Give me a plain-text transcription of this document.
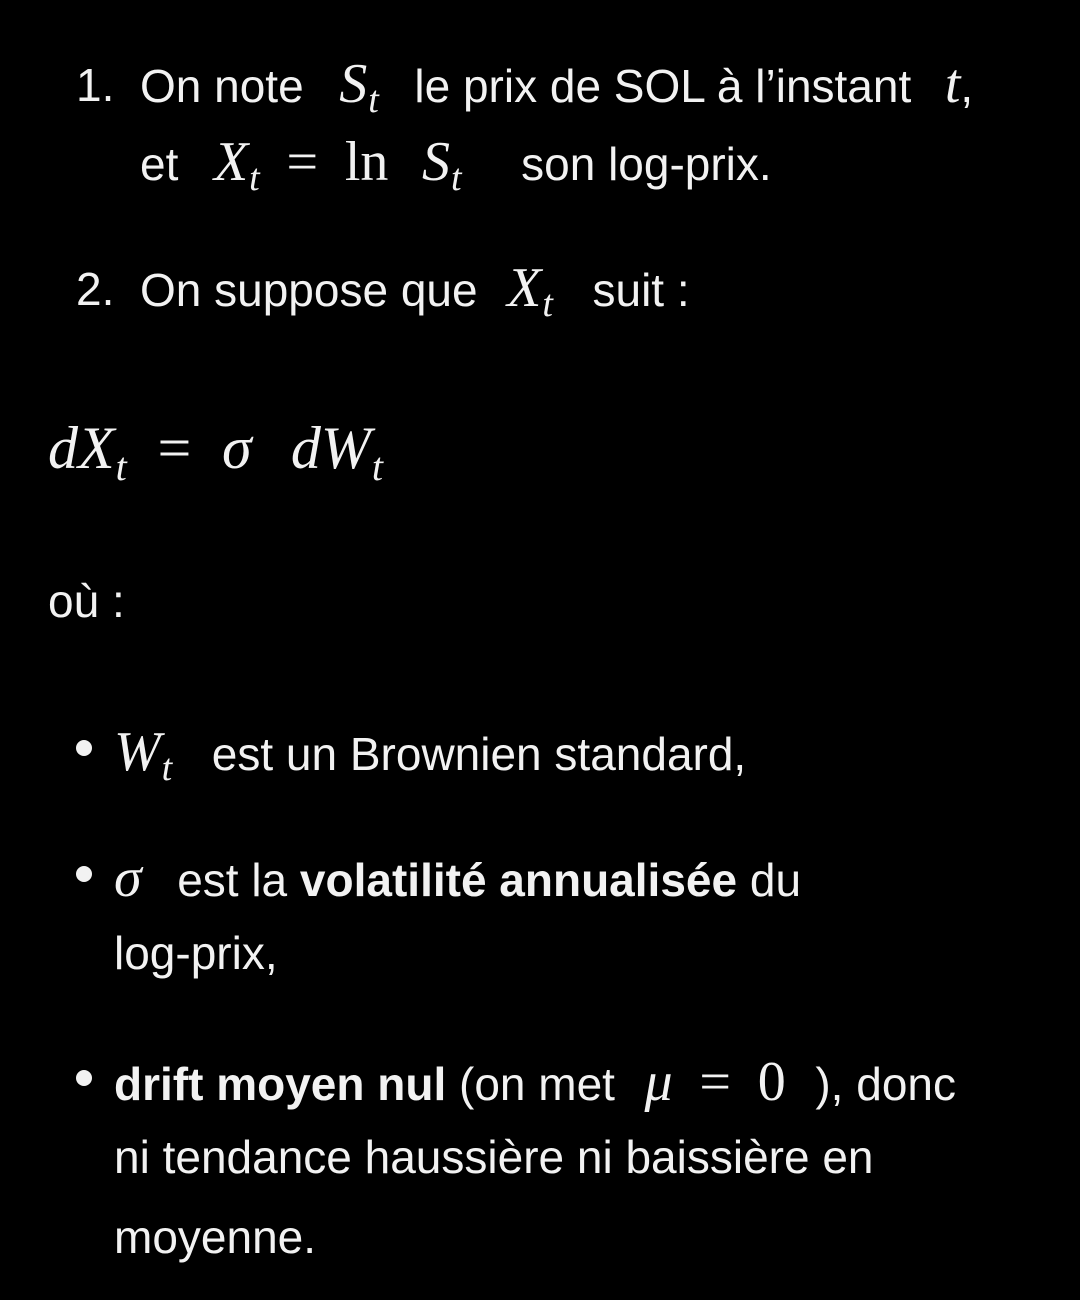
1. On note $S_t$ le prix de SOL à l’instant t,
et $X_t = \ln S_t$ son log-prix.
2. On suppose que $X_t$ suit :
$dX_t = \sigma$ $dW_t$
où :
$W_t$ est un Brownien standard,
σ est la volatilité annualisée du
log-prix,
drift moyen nul (on met μ = 0 ), donc
ni tendance haussière ni baissière en
moyenne.
